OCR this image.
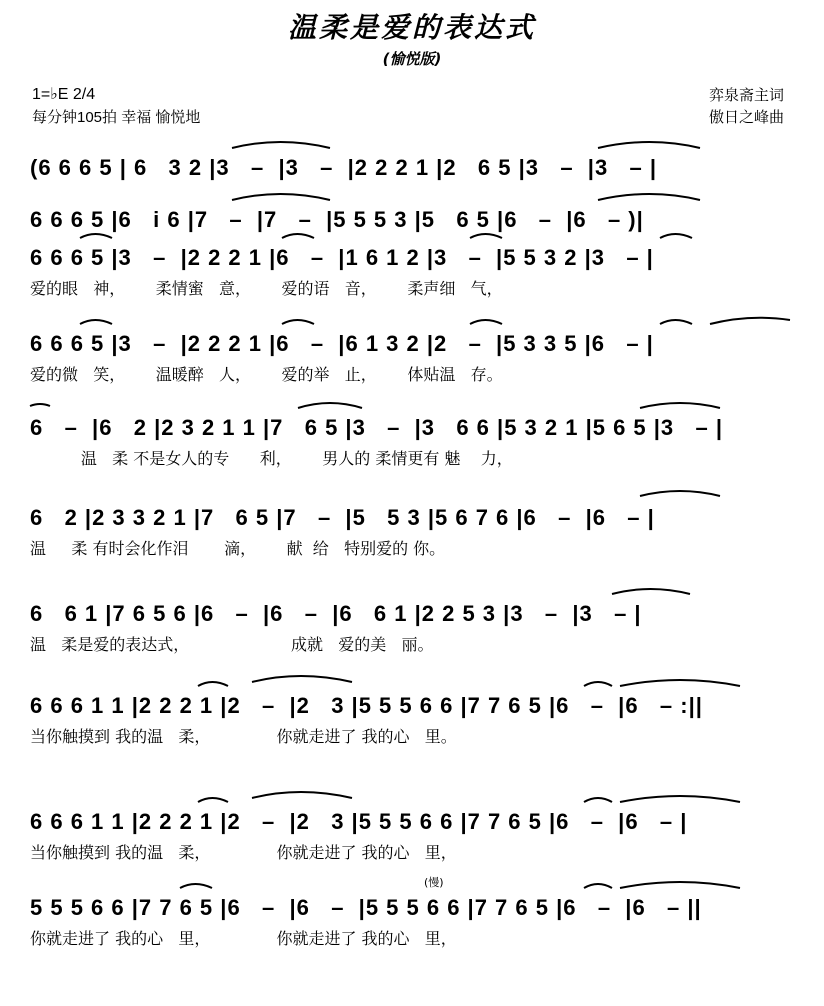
温柔是爱的表达式
(愉悦版)
1=♭E 2/4
每分钟105拍 幸福 愉悦地
弈泉斋主词
傲日之峰曲
(6 6 6 5 | 6   3 2 |3   –  |3   –  |2 2 2 1 |2   6 5 |3   –  |3   – |
6 6 6 5 |6   i 6 |7   –  |7   –  |5 5 5 3 |5   6 5 |6   –  |6   – )|
6 6 6 5 |3   –  |2 2 2 1 |6   –  |1 6 1 2 |3   –  |5 5 3 2 |3   – |
爱的眼   神，      柔情蜜   意，      爱的语   音，      柔声细   气，
6 6 6 5 |3   –  |2 2 2 1 |6   –  |6 1 3 2 |2   –  |5 3 3 5 |6   – |
爱的微   笑，      温暖醉   人，      爱的举   止，      体贴温   存。
6   –  |6   2 |2 3 2 1 1 |7   6 5 |3   –  |3   6 6 |5 3 2 1 |5 6 5 |3   – |
温   柔 不是女人的专      利，      男人的 柔情更有 魅    力，
6   2 |2 3 3 2 1 |7   6 5 |7   –  |5   5 3 |5 6 7 6 |6   –  |6   – |
温     柔 有时会化作泪       滴，      献  给   特别爱的 你。
6   6 1 |7 6 5 6 |6   –  |6   –  |6   6 1 |2 2 5 3 |3   –  |3   – |
温   柔是爱的表达式，                    成就   爱的美   丽。
6 6 6 1 1 |2 2 2 1 |2   –  |2   3 |5 5 5 6 6 |7 7 6 5 |6   –  |6   – :||
当你触摸到 我的温   柔，             你就走进了 我的心   里。
6 6 6 1 1 |2 2 2 1 |2   –  |2   3 |5 5 5 6 6 |7 7 6 5 |6   –  |6   – |
当你触摸到 我的温   柔，             你就走进了 我的心   里，
(慢)
5 5 5 6 6 |7 7 6 5 |6   –  |6   –  |5 5 5 6 6 |7 7 6 5 |6   –  |6   – ||
你就走进了 我的心   里，             你就走进了 我的心   里，
